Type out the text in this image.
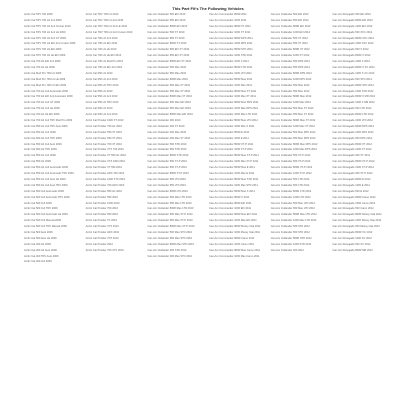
This Part Fit's The Following Vehicles
Arctic Cat TRV 700 2009
Arctic Cat TRV 700 H1 4x4 2009
Arctic Cat TRV 700 H1 4x4 Cruiser 2010
Arctic Cat TRV 700 H1 4x4 LE 2009
Arctic Cat TRV 700 H1 4x4 GT 2009
Arctic Cat TRV 700 H1 EFI 4x4 Cruiser 2009
Arctic Cat TRV 700 H1 EFI 2009
Arctic Cat TRV 700 H1 LE EFI 2009
Arctic Cat 700 H1 EFI 4x4 2009
Arctic Cat 700 H1 LE 2009
Arctic Cat Mud Pro 700 H1 2009
Arctic Cat Mud Pro 700 H1 LE 2009
Arctic Cat Mud Pro 700 H1 EFI 2009
Arctic Cat 700 H1 4x4 Automatic 2009
Arctic Cat 700 H1 EFI 4x4 Automatic 2009
Arctic Cat 700 H1 4x4 GT 2009
Arctic Cat 700 H1 4x4 LE 2009
Arctic Cat 700 H1 LE EFI 2009
Arctic Cat 700 H1 4x4 TRV Mud Pro 2009
Arctic Cat 650 H1 4x4 TRV Auto 2009
Arctic Cat 650 H1 4x4 2009
Arctic Cat 650 H1 4x4 TRV 2009
Arctic Cat 650 H1 4x4 Auto 2009
Arctic Cat 650 H1 TRV 2009
Arctic Cat 550 H1 4x4 2009
Arctic Cat 550 H1 2009
Arctic Cat 550 H1 4x4 Automatic 2009
Arctic Cat 550 H1 4x4 Automatic TRV 2009
Arctic Cat 550 H1 4x4 Auto LE 2009
Arctic Cat 550 H1 4x4 Auto TRV 2009
Arctic Cat 500 4x4 Automatic 2009
Arctic Cat 500 4x4 Automatic TRV 2009
Arctic Cat 500 4x4 2009
Arctic Cat 500 4x4 TRV 2009
Arctic Cat 500 4x4 Automatic LE 2009
Arctic Cat 500 4x4 Manual 2009
Arctic Cat 500 4x4 TRV Manual 2009
Arctic Cat 500 Auto 2009
Arctic Cat 500 Auto LE 2009
Arctic Cat 450 H1 2009
Arctic Cat 450 H1 Auto 2009
Arctic Cat 400 TRV Auto 2009
Arctic Cat 400 4x4 2009
Arctic Cat TRV 700 H1 2010
Arctic Cat TRV 700 H1 4x4 2010
Arctic Cat TRV 700 H1 4x4 LE 2010
Arctic Cat TRV 700 H1 4x4 Cruiser 2010
Arctic Cat 700 H1 4x4 2010
Arctic Cat 700 H1 EFI 2010
Arctic Cat 700 H1 LE 2010
Arctic Cat 700 H1 LE EFI 2010
Arctic Cat 700 H1 Mud Pro 2010
Arctic Cat 700 H1 EFI 4x4 2010
Arctic Cat 650 H1 2010
Arctic Cat 650 H1 4x4 2010
Arctic Cat 650 H1 TRV 2010
Arctic Cat 550 H1 2010
Arctic Cat 550 H1 4x4 2010
Arctic Cat 550 H1 TRV 2010
Arctic Cat 500 H1 2010
Arctic Cat 500 H1 4x4 2010
Arctic Cat Prowler 1000 XT 2010
Arctic Cat Prowler 700 H1 2010
Arctic Cat Prowler 550 XT 2010
Arctic Cat Prowler 650 XT 2010
Arctic Cat Prowler 700 XT 2010
Arctic Cat Prowler XTX 700 2010
Arctic Cat Prowler XT 650 H1 2010
Arctic Cat Prowler XTZ 1000 2010
Arctic Cat Prowler XT 550 2010
Arctic Cat Prowler HDX 700 2010
Arctic Cat Prowler 1000 XTZ 2010
Arctic Cat Prowler 700 HDX 2010
Arctic Cat Prowler 650 H1 2010
Arctic Cat Prowler 550 2010
Arctic Cat Prowler 1000 2010
Arctic Cat Prowler 700 2010
Arctic Cat Prowler 650 2010
Arctic Cat Prowler XT 2010
Arctic Cat Prowler XTX 2010
Arctic Cat Prowler HDX 2010
Arctic Cat Prowler XTZ 2010
Arctic Cat Prowler 2010
Arctic Cat Prowler 700 XTX 2010
Can-Am Outlander 500 EFI 2010
Can-Am Outlander 650 EFI 2010
Can-Am Outlander 800R EFI 2010
Can-Am Outlander 500 XT 2010
Can-Am Outlander 650 XT 2010
Can-Am Outlander 800R XT 2010
Can-Am Outlander 500 EFI XT 2010
Can-Am Outlander 650 EFI XT 2010
Can-Am Outlander 800R EFI XT 2010
Can-Am Outlander 500 Max 2010
Can-Am Outlander 650 Max 2010
Can-Am Outlander 800R Max 2010
Can-Am Outlander 500 Max XT 2010
Can-Am Outlander 650 Max XT 2010
Can-Am Outlander 800R Max XT 2010
Can-Am Outlander 500 Max EFI 2010
Can-Am Outlander 650 Max EFI 2010
Can-Am Outlander 800R Max EFI 2010
Can-Am Outlander 400 2010
Can-Am Outlander 400 XT 2010
Can-Am Outlander 400 Max 2010
Can-Am Outlander 400 Max XT 2010
Can-Am Outlander 500 STD 2010
Can-Am Outlander 650 STD 2010
Can-Am Outlander 800R STD 2010
Can-Am Outlander 500 XT-P 2010
Can-Am Outlander 650 XT-P 2010
Can-Am Outlander 800R XT-P 2010
Can-Am Outlander 500 LTD 2010
Can-Am Outlander 650 LTD 2010
Can-Am Outlander 800R LTD 2010
Can-Am Outlander 500 Max LTD 2010
Can-Am Outlander 650 Max LTD 2010
Can-Am Outlander 800R Max LTD 2010
Can-Am Outlander 500 Max XT-P 2010
Can-Am Outlander 650 Max XT-P 2010
Can-Am Outlander 800R Max XT-P 2010
Can-Am Outlander 500 Max STD 2010
Can-Am Outlander 650 Max STD 2010
Can-Am Outlander 800R Max STD 2010
Can-Am Outlander 400 STD 2010
Can-Am Outlander 400 Max STD 2010
Can-Am Commander 800R 2011
Can-Am Commander 1000 2011
Can-Am Commander 800R XT 2011
Can-Am Commander 1000 XT 2011
Can-Am Commander 800R DPS 2011
Can-Am Commander 1000 DPS 2011
Can-Am Commander 800R STD 2011
Can-Am Commander 1000 STD 2011
Can-Am Commander 1000 X 2011
Can-Am Commander 800R LTD 2011
Can-Am Commander 1000 LTD 2011
Can-Am Commander 800R Max 2011
Can-Am Commander 1000 Max 2011
Can-Am Commander 800R Max XT 2011
Can-Am Commander 1000 Max XT 2011
Can-Am Commander 800R Max DPS 2011
Can-Am Commander 1000 Max DPS 2011
Can-Am Commander 1000 Max LTD 2011
Can-Am Commander 800R Max LTD 2011
Can-Am Commander 1000 Max X 2011
Can-Am Commander 800R E 2011
Can-Am Commander 1000 E 2011
Can-Am Commander 800R XT-P 2011
Can-Am Commander 1000 XT-P 2011
Can-Am Commander 800R Max XT-P 2011
Can-Am Commander 1000 Max XT-P 2011
Can-Am Commander 800R Max E 2011
Can-Am Commander 1000 Max E 2011
Can-Am Commander 800R Max STD 2011
Can-Am Commander 1000 Max STD 2011
Can-Am Commander 800R Max X 2011
Can-Am Commander 800R X 2011
Can-Am Commander 800R EFI 2011
Can-Am Commander 1000 EFI 2011
Can-Am Commander 800R Max EFI 2011
Can-Am Commander 1000 Max EFI 2011
Can-Am Commander 800R Mossy Oak 2011
Can-Am Commander 1000 Mossy Oak 2011
Can-Am Commander 800R Camo 2011
Can-Am Commander 1000 Camo 2011
Can-Am Commander 800R Max Camo 2011
Can-Am Commander 1000 Max Camo 2011
Can-Am Outlander 500 EFI 2012
Can-Am Outlander 650 EFI 2012
Can-Am Outlander 800R EFI 2012
Can-Am Outlander 1000 EFI 2012
Can-Am Outlander 500 XT 2012
Can-Am Outlander 650 XT 2012
Can-Am Outlander 800R XT 2012
Can-Am Outlander 1000 XT 2012
Can-Am Outlander 500 DPS 2012
Can-Am Outlander 650 DPS 2012
Can-Am Outlander 800R DPS 2012
Can-Am Outlander 1000 DPS 2012
Can-Am Outlander 500 Max 2012
Can-Am Outlander 650 Max 2012
Can-Am Outlander 800R Max 2012
Can-Am Outlander 1000 Max 2012
Can-Am Outlander 500 Max XT 2012
Can-Am Outlander 650 Max XT 2012
Can-Am Outlander 800R Max XT 2012
Can-Am Outlander 1000 Max XT 2012
Can-Am Outlander 500 Max DPS 2012
Can-Am Outlander 650 Max DPS 2012
Can-Am Outlander 800R Max DPS 2012
Can-Am Outlander 1000 Max DPS 2012
Can-Am Outlander 500 XT-P 2012
Can-Am Outlander 650 XT-P 2012
Can-Am Outlander 800R XT-P 2012
Can-Am Outlander 1000 XT-P 2012
Can-Am Outlander 500 LTD 2012
Can-Am Outlander 650 LTD 2012
Can-Am Outlander 800R LTD 2012
Can-Am Outlander 1000 LTD 2012
Can-Am Outlander 500 Max LTD 2012
Can-Am Outlander 650 Max LTD 2012
Can-Am Outlander 800R Max LTD 2012
Can-Am Outlander 1000 Max LTD 2012
Can-Am Outlander 500 STD 2012
Can-Am Outlander 650 STD 2012
Can-Am Outlander 800R STD 2012
Can-Am Outlander 1000 STD 2012
Can-Am Outlander 400 2012
Can-Am Renegade 500 EFI 2012
Can-Am Renegade 800R EFI 2012
Can-Am Renegade 1000 EFI 2012
Can-Am Renegade 500 XXC 2012
Can-Am Renegade 800R XXC 2012
Can-Am Renegade 1000 XXC 2012
Can-Am Renegade 500 X 2012
Can-Am Renegade 800R X 2012
Can-Am Renegade 1000 X 2012
Can-Am Renegade 800R X XC 2012
Can-Am Renegade 1000 X XC 2012
Can-Am Renegade 500 STD 2012
Can-Am Renegade 800R STD 2012
Can-Am Renegade 1000 STD 2012
Can-Am Renegade 800R X MR 2012
Can-Am Renegade 1000 X MR 2012
Can-Am Renegade 500 LTD 2012
Can-Am Renegade 800R LTD 2012
Can-Am Renegade 1000 LTD 2012
Can-Am Renegade 800R DPS 2012
Can-Am Renegade 1000 DPS 2012
Can-Am Renegade 500 DPS 2012
Can-Am Renegade 800R XT 2012
Can-Am Renegade 1000 XT 2012
Can-Am Renegade 500 XT 2012
Can-Am Renegade 800R XT-P 2012
Can-Am Renegade 1000 XT-P 2012
Can-Am Renegade 500 XT-P 2012
Can-Am Renegade 800R E 2012
Can-Am Renegade 1000 E 2012
Can-Am Renegade 500 E 2012
Can-Am Renegade 800R Camo 2012
Can-Am Renegade 1000 Camo 2012
Can-Am Renegade 500 Camo 2012
Can-Am Renegade 800R Mossy Oak 2012
Can-Am Renegade 1000 Mossy Oak 2012
Can-Am Renegade 500 Mossy Oak 2012
Can-Am Renegade 800R XC 2012
Can-Am Renegade 1000 XC 2012
Can-Am Renegade 500 XC 2012
Can-Am Renegade 800R MR 2012
